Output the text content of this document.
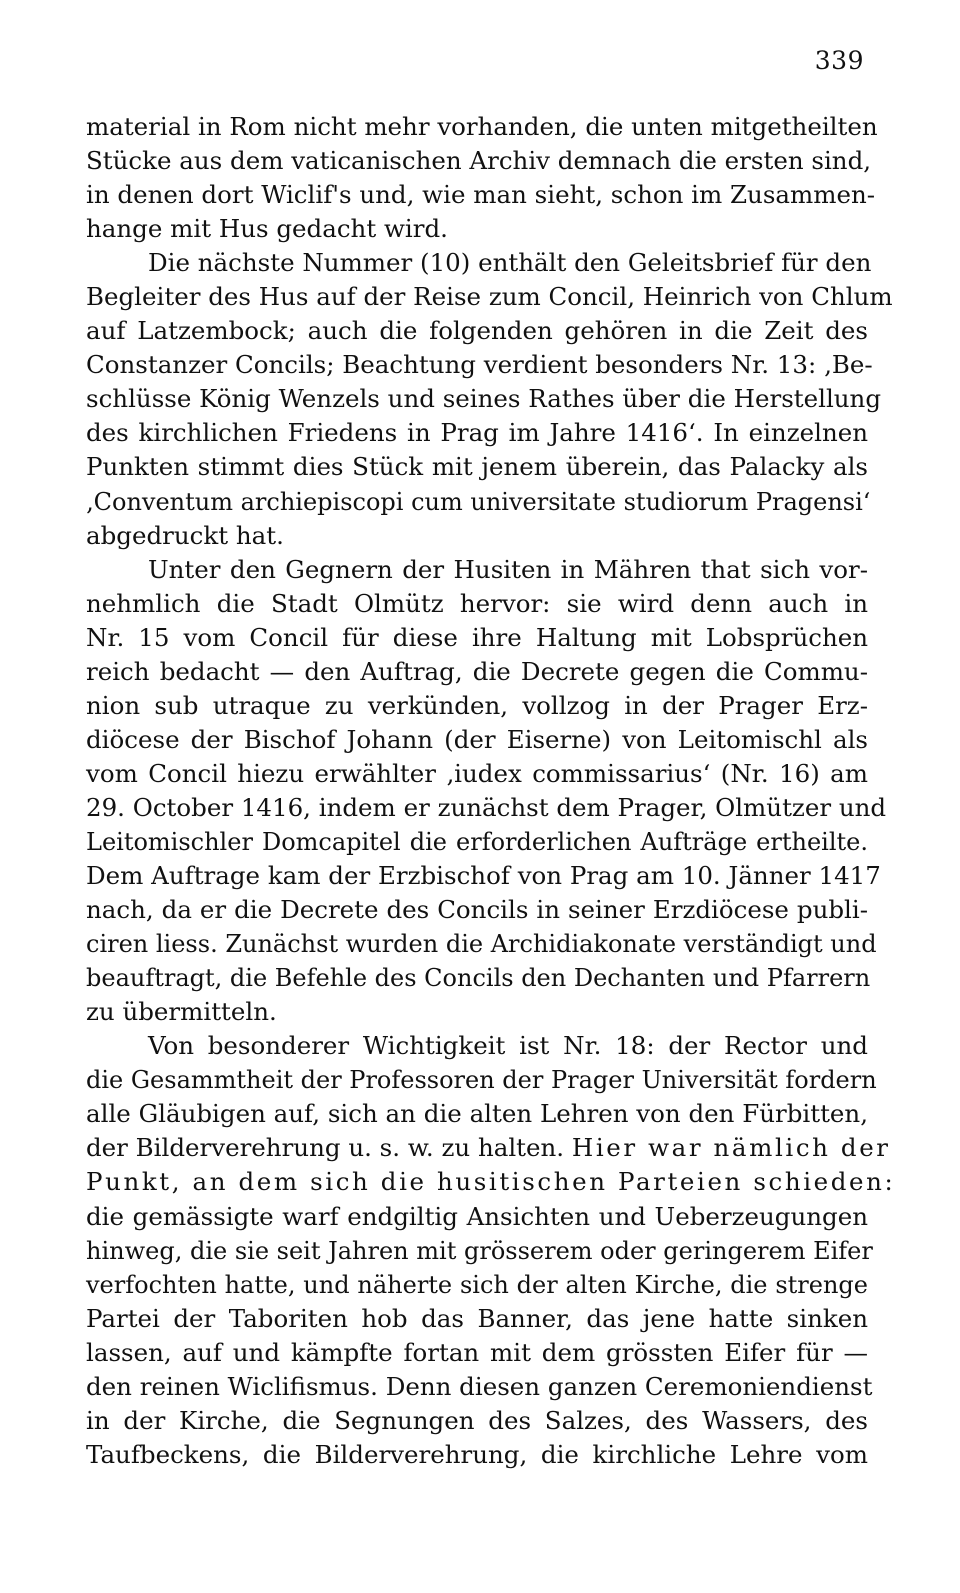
339
material in Rom nicht mehr vorhanden, die unten mitgetheilten
Stücke aus dem vaticanischen Archiv demnach die ersten sind,
in denen dort Wiclif's und, wie man sieht, schon im Zusammen-
hange mit Hus gedacht wird.
Die nächste Nummer (10) enthält den Geleitsbrief für den
Begleiter des Hus auf der Reise zum Concil, Heinrich von Chlum
auf Latzembock; auch die folgenden gehören in die Zeit des
Constanzer Concils; Beachtung verdient besonders Nr. 13: ‚Be-
schlüsse König Wenzels und seines Rathes über die Herstellung
des kirchlichen Friedens in Prag im Jahre 1416‘. In einzelnen
Punkten stimmt dies Stück mit jenem überein, das Palacky als
‚Conventum archiepiscopi cum universitate studiorum Pragensi‘
abgedruckt hat.
Unter den Gegnern der Husiten in Mähren that sich vor-
nehmlich die Stadt Olmütz hervor: sie wird denn auch in
Nr. 15 vom Concil für diese ihre Haltung mit Lobsprüchen
reich bedacht — den Auftrag, die Decrete gegen die Commu-
nion sub utraque zu verkünden, vollzog in der Prager Erz-
diöcese der Bischof Johann (der Eiserne) von Leitomischl als
vom Concil hiezu erwählter ‚iudex commissarius‘ (Nr. 16) am
29. October 1416, indem er zunächst dem Prager, Olmützer und
Leitomischler Domcapitel die erforderlichen Aufträge ertheilte.
Dem Auftrage kam der Erzbischof von Prag am 10. Jänner 1417
nach, da er die Decrete des Concils in seiner Erzdiöcese publi-
ciren liess. Zunächst wurden die Archidiakonate verständigt und
beauftragt, die Befehle des Concils den Dechanten und Pfarrern
zu übermitteln.
Von besonderer Wichtigkeit ist Nr. 18: der Rector und
die Gesammtheit der Professoren der Prager Universität fordern
alle Gläubigen auf, sich an die alten Lehren von den Fürbitten,
der Bilderverehrung u. s. w. zu halten. Hier war nämlich der
Punkt, an dem sich die husitischen Parteien schieden:
die gemässigte warf endgiltig Ansichten und Ueberzeugungen
hinweg, die sie seit Jahren mit grösserem oder geringerem Eifer
verfochten hatte, und näherte sich der alten Kirche, die strenge
Partei der Taboriten hob das Banner, das jene hatte sinken
lassen, auf und kämpfte fortan mit dem grössten Eifer für —
den reinen Wiclifismus. Denn diesen ganzen Ceremoniendienst
in der Kirche, die Segnungen des Salzes, des Wassers, des
Taufbeckens, die Bilderverehrung, die kirchliche Lehre vom
